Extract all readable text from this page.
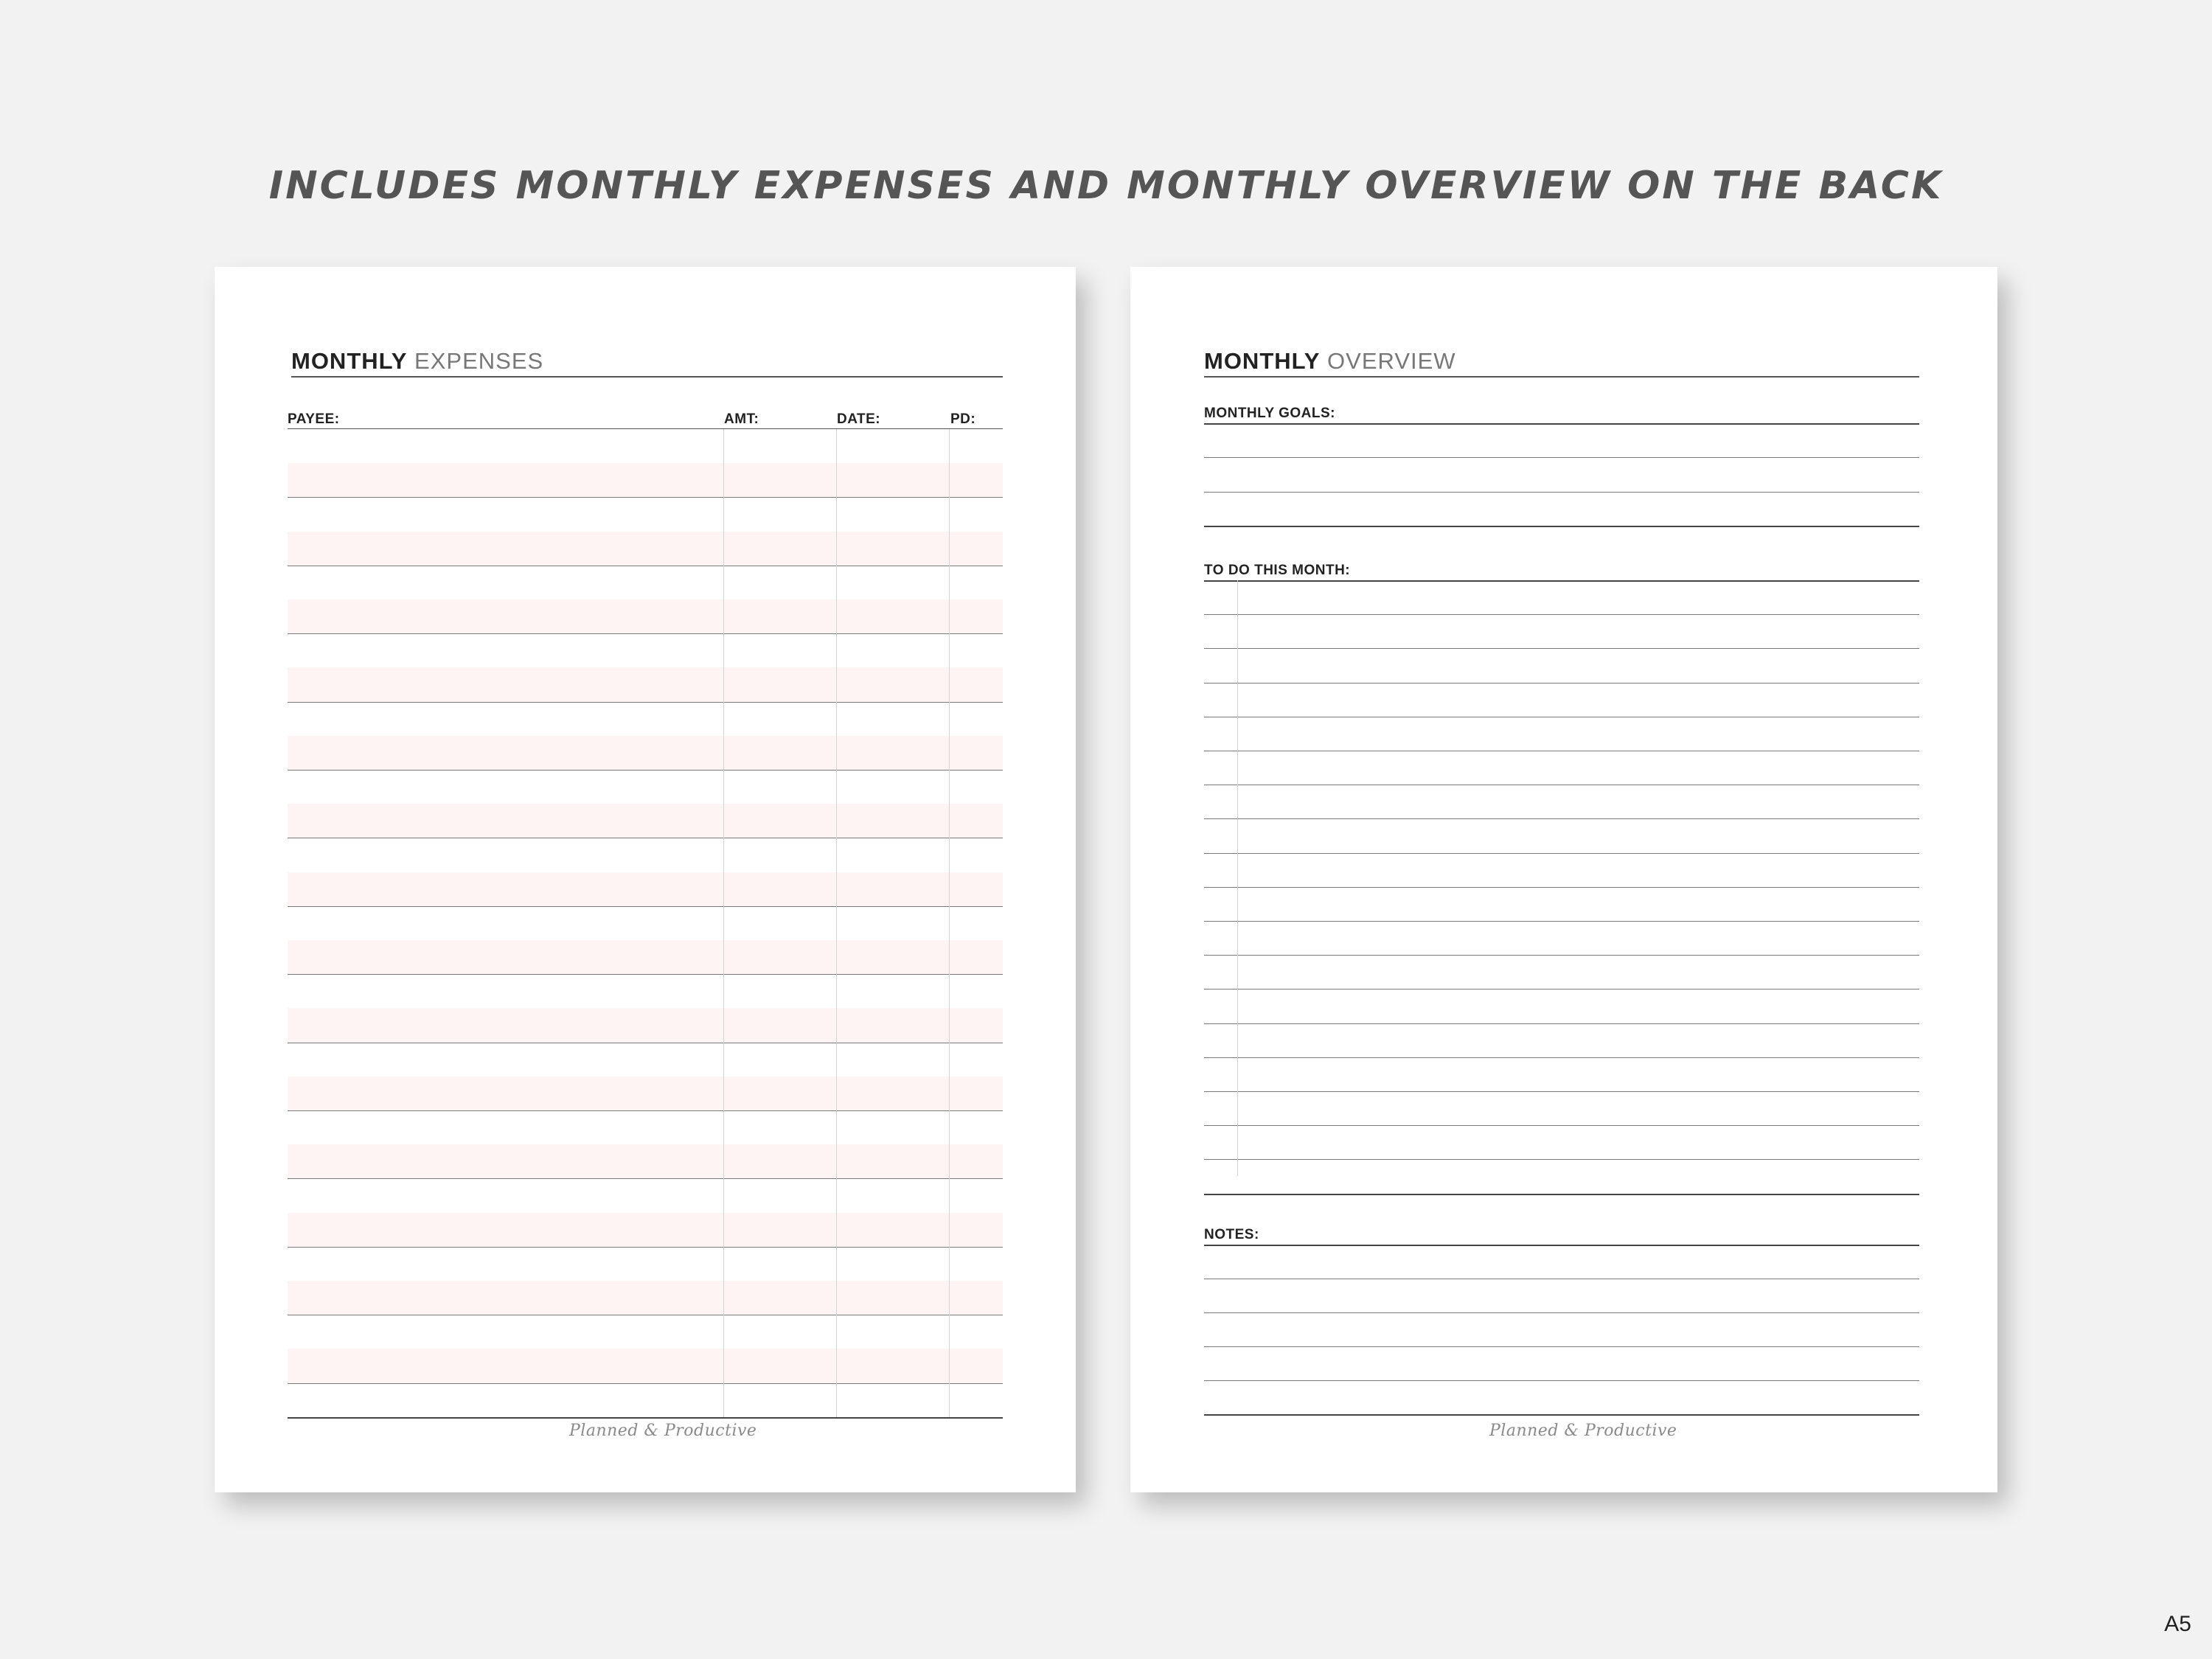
INCLUDES MONTHLY EXPENSES AND MONTHLY OVERVIEW ON THE BACK
MONTHLY EXPENSES
PAYEE:	AMT:	DATE:	PD:
Planned & Productive
MONTHLY OVERVIEW
MONTHLY GOALS:
TO DO THIS MONTH:
NOTES:
Planned & Productive
A5
